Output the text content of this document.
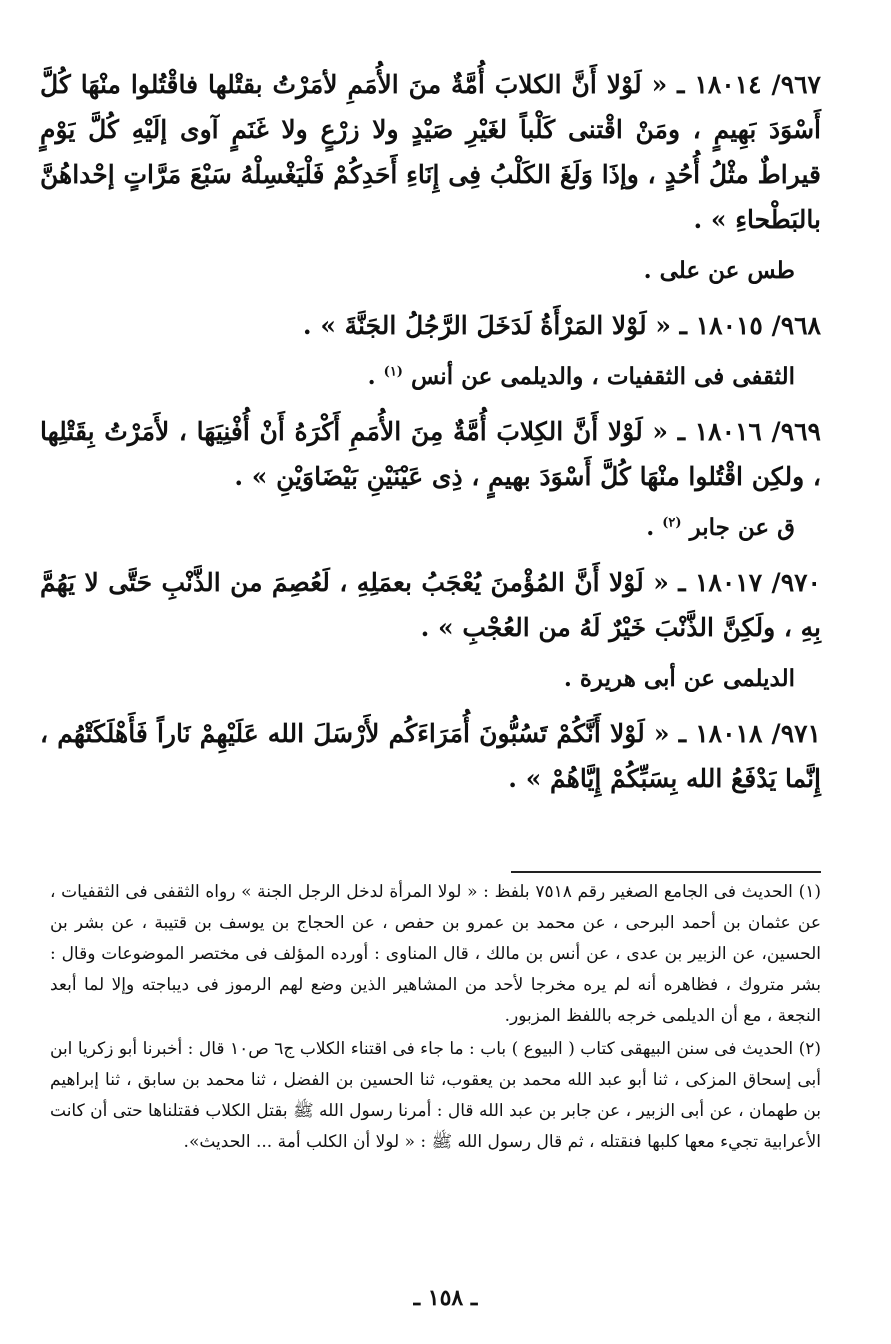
٩٦٧/ ١٨٠١٤ ـ « لَوْلا أَنَّ الكلابَ أُمَّةٌ منَ الأُمَمِ لأمَرْتُ بقتْلها فاقْتُلوا منْهَا كُلَّ أَسْوَدَ بَهِيمٍ ، ومَنْ اقْتنى كَلْباً لغَيْرِ صَيْدٍ ولا زرْعٍ ولا غَنَمٍ آوى إلَيْهِ كُلَّ يَوْمٍ قيراطٌ مثْلُ أُحُدٍ ، وإذَا وَلَغَ الكَلْبُ فِى إِنَاءِ أَحَدِكُمْ فَلْيَغْسِلْهُ سَبْعَ مَرَّاتٍ إحْداهُنَّ بالبَطْحاءِ » .

طس عن على .

٩٦٨/ ١٨٠١٥ ـ « لَوْلا المَرْأَةُ لَدَخَلَ الرَّجُلُ الجَنَّةَ » .

الثقفى فى الثقفيات ، والديلمى عن أنس $^{(١)}$ .

٩٦٩/ ١٨٠١٦ ـ « لَوْلا أَنَّ الكِلابَ أُمَّةٌ مِنَ الأُمَمِ أَكْرَهُ أَنْ أُفْنِيَهَا ، لأَمَرْتُ بِقَتْلِها ، ولكِن اقْتُلوا منْهَا كُلَّ أَسْوَدَ بهيمٍ ، ذِى عَيْنَيْنِ بَيْضَاوَيْنِ » .

ق عن جابر $^{(٢)}$ .

٩٧٠/ ١٨٠١٧ ـ « لَوْلا أَنَّ المُؤْمنَ يُعْجَبُ بعمَلِهِ ، لَعُصِمَ من الذَّنْبِ حَتَّى لا يَهُمَّ بِهِ ، ولَكِنَّ الذَّنْبَ خَيْرٌ لَهُ من العُجْبِ » .

الديلمى عن أبى هريرة .

٩٧١/ ١٨٠١٨ ـ « لَوْلا أَنَّكُمْ تَسُبُّونَ أُمَرَاءَكُم لأَرْسَلَ الله عَلَيْهِمْ نَاراً فَأَهْلَكَتْهُم ، إِنَّما يَدْفَعُ الله بِسَبِّكُمْ إِيَّاهُمْ » .

(١) الحديث فى الجامع الصغير رقم ٧٥١٨ بلفظ : « لولا المرأة لدخل الرجل الجنة » رواه الثقفى فى الثقفيات ، عن عثمان بن أحمد البرحى ، عن محمد بن عمرو بن حفص ، عن الحجاج بن يوسف بن قتيبة ، عن بشر بن الحسين، عن الزبير بن عدى ، عن أنس بن مالك ، قال المناوى : أورده المؤلف فى مختصر الموضوعات وقال : بشر متروك ، فظاهره أنه لم يره مخرجا لأحد من المشاهير الذين وضع لهم الرموز فى ديباجته وإلا لما أبعد النجعة ، مع أن الديلمى خرجه باللفظ المزبور.

(٢) الحديث فى سنن البيهقى كتاب ( البيوع ) باب : ما جاء فى اقتناء الكلاب ج٦ ص١٠ قال : أخبرنا أبو زكريا ابن أبى إسحاق المزكى ، ثنا أبو عبد الله محمد بن يعقوب، ثنا الحسين بن الفضل ، ثنا محمد بن سابق ، ثنا إبراهيم بن طهمان ، عن أبى الزبير ، عن جابر بن عبد الله قال : أمرنا رسول الله ﷺ بقتل الكلاب فقتلناها حتى أن كانت الأعرابية تجيء معها كلبها فنقتله ، ثم قال رسول الله ﷺ : « لولا أن الكلب أمة ... الحديث».

ـ ١٥٨ ـ
